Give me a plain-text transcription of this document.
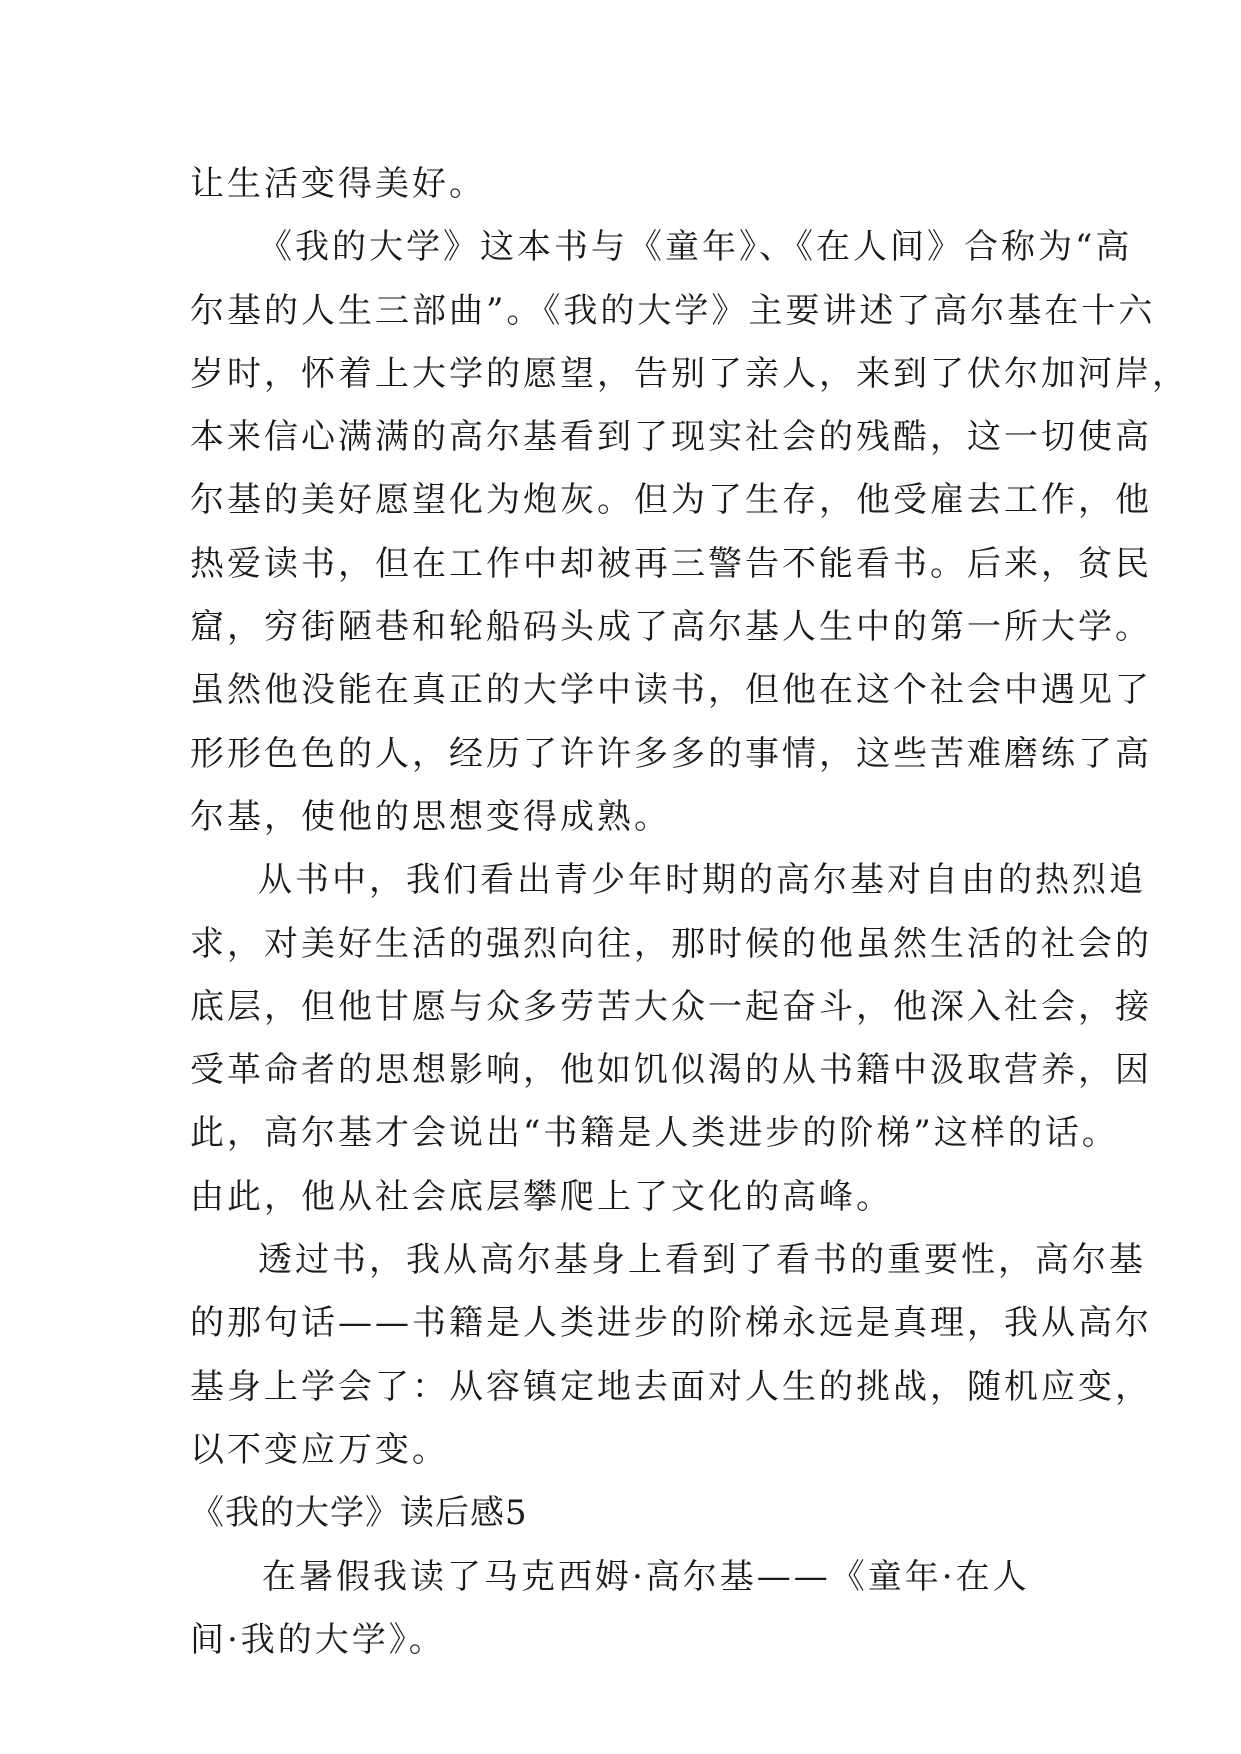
让生活变得美好。
《我的大学》这本书与《童年》、《在人间》合称为“高
尔基的人生三部曲”。《我的大学》主要讲述了高尔基在十六
岁时，怀着上大学的愿望，告别了亲人，来到了伏尔加河岸，
本来信心满满的高尔基看到了现实社会的残酷，这一切使高
尔基的美好愿望化为炮灰。但为了生存，他受雇去工作，他
热爱读书，但在工作中却被再三警告不能看书。后来，贫民
窟，穷街陋巷和轮船码头成了高尔基人生中的第一所大学。
虽然他没能在真正的大学中读书，但他在这个社会中遇见了
形形色色的人，经历了许许多多的事情，这些苦难磨练了高
尔基，使他的思想变得成熟。
从书中，我们看出青少年时期的高尔基对自由的热烈追
求，对美好生活的强烈向往，那时候的他虽然生活的社会的
底层，但他甘愿与众多劳苦大众一起奋斗，他深入社会，接
受革命者的思想影响，他如饥似渴的从书籍中汲取营养，因
此，高尔基才会说出“书籍是人类进步的阶梯”这样的话。
由此，他从社会底层攀爬上了文化的高峰。
透过书，我从高尔基身上看到了看书的重要性，高尔基
的那句话——书籍是人类进步的阶梯永远是真理，我从高尔
基身上学会了：从容镇定地去面对人生的挑战，随机应变，
以不变应万变。
《我的大学》读后感5
在暑假我读了马克西姆·高尔基——《童年·在人
间·我的大学》。
